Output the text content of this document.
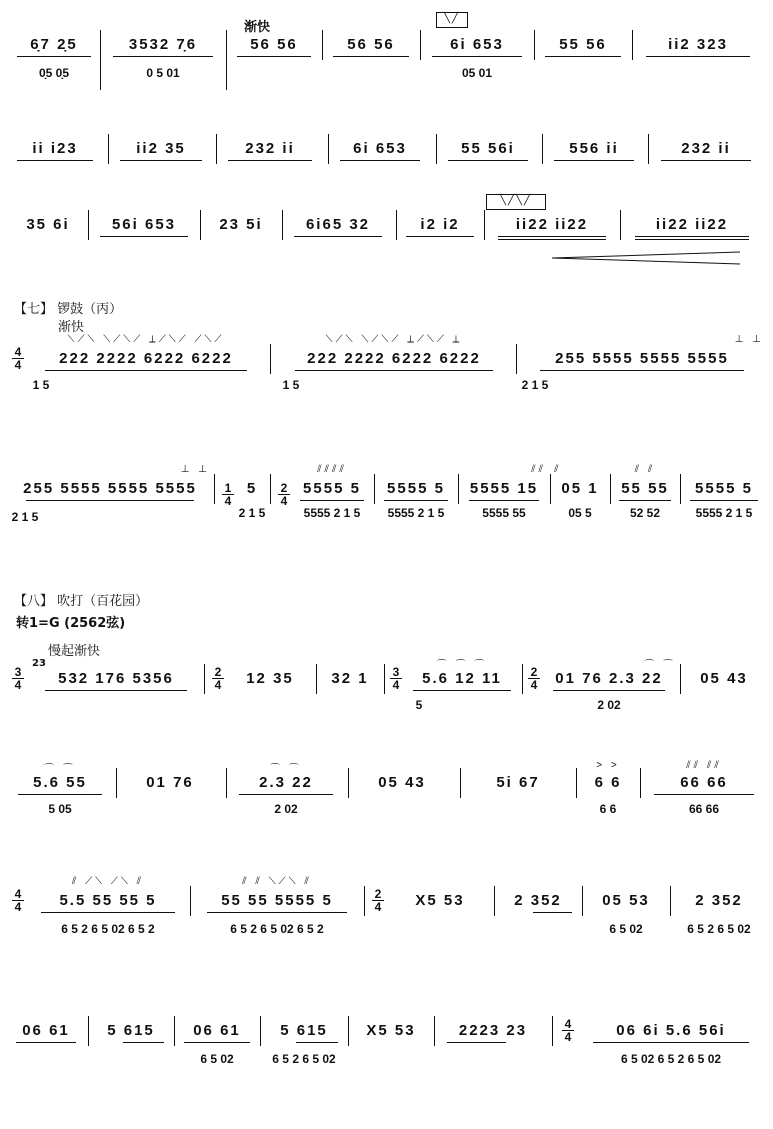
渐快
╲╱
6̣7 2̣5
0̣5 0̣5
3532 7̣6
0 5 01
56 56	56 56	6i 653
05 01
55 56	ii2 323
ii i23	ii2 35	232 ii	6i 653	55 56i	556 ii	232 ii
╲╱╲╱
35 6i	56i 653	23 5i	6i65 32	i2 i2	ii22 ii22	ii22 ii22
【七】 锣鼓（丙）
渐快
4
4
⟍⟋⟍ ⟍⟋⟍⟋ ⊥⟋⟍⟋ ⟋⟍⟋
222 2222 6222 6222
1 5
⟍⟋⟍ ⟍⟋⟍⟋ ⊥⟋⟍⟋ ⊥
222 2222 6222 6222
1 5
⊥ ⊥
255 5555 5555 5555
2 1 5
⊥ ⊥
255 5555 5555 5555
2 1 5
1
4
5
2 1 5
2
4
⫽⫽⫽⫽
5555 5
5555 2 1 5
5555 5
5555 2 1 5
⫽⫽
5555 15
5555 55
⫽
05 1
05 5
⫽ ⫽
55 55
52 52
5555 5
5555 2 1 5
【八】 吹打（百花园）
转1=G (2562弦)
慢起渐快
3
4
23
532 176 5356	2
4	12 35	32 1	3
4
⌒ ⌒ ⌒
5.6 12 11
5
2
4
⌒ ⌒
01 76 2.3 22
2 02
05 43
⌒ ⌒
5.6 55
5 05
01 76
⌒ ⌒
2.3 22
2 02
05 43	5i 67
> >
6 6
6 6
⫽⫽ ⫽⫽
66 66
66 66
4
4
⫽ ⟋⟍ ⟋⟍ ⫽
5.5 55 55 5
6 5 2 6 5 02 6 5 2
⫽ ⫽ ⟍⟋⟍ ⫽
55 55 5555 5
6 5 2 6 5 02 6 5 2
2
4	X5 53	2 352	05 53
6 5 02
2 352
6 5 2 6 5 02
06 61	5 615	06 61
6 5 02
5 615
6 5 2 6 5 02
X5 53	2223 23	4
4	06 6i 5.6 56i
6 5 02 6 5 2 6 5 02
